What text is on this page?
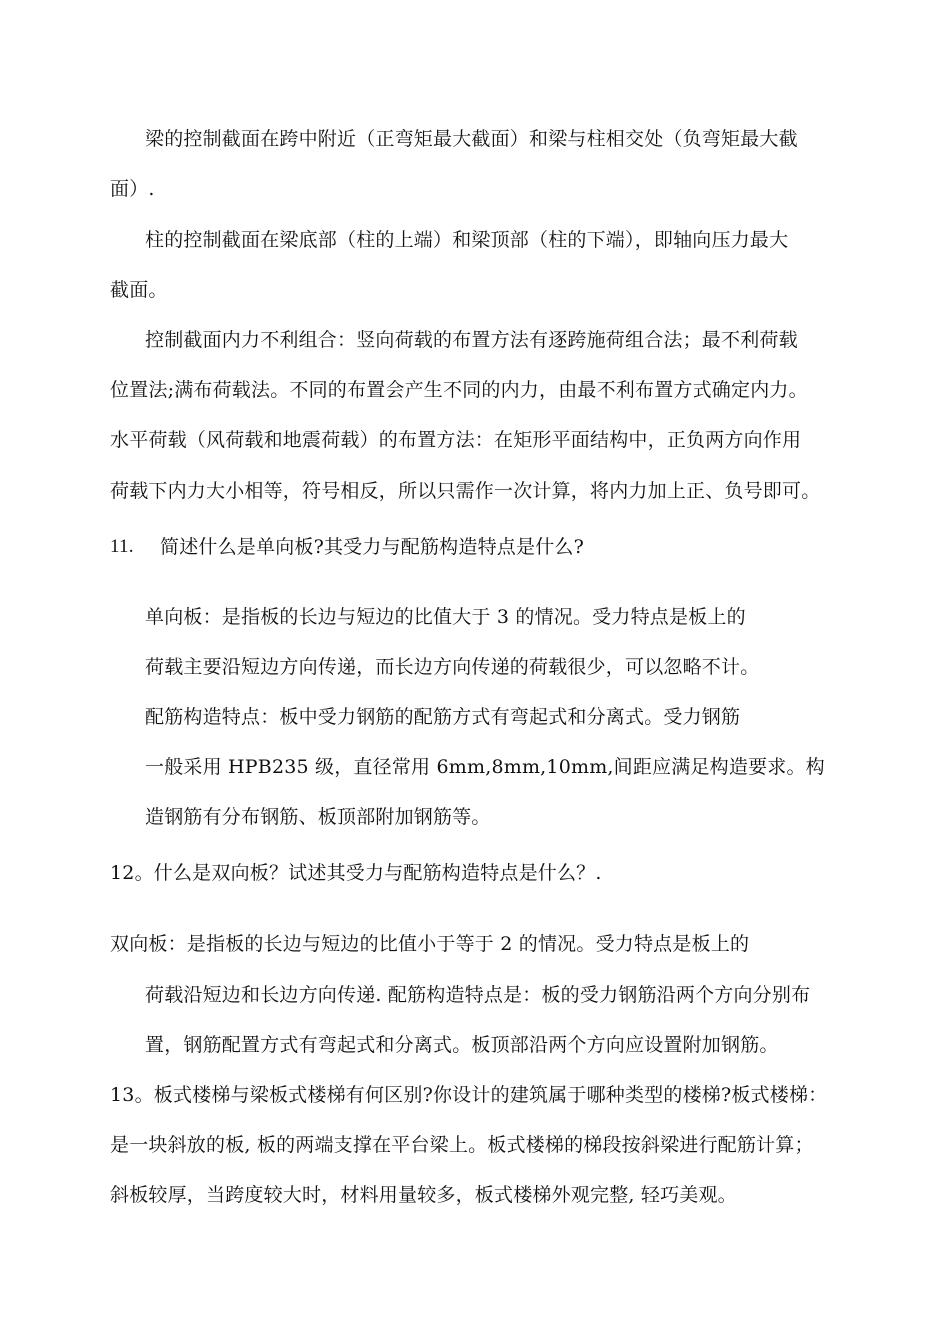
梁的控制截面在跨中附近（正弯矩最大截面）和梁与柱相交处（负弯矩最大截
面）.
柱的控制截面在梁底部（柱的上端）和梁顶部（柱的下端），即轴向压力最大
截面。
控制截面内力不利组合：竖向荷载的布置方法有逐跨施荷组合法；最不利荷载
位置法;满布荷载法。不同的布置会产生不同的内力，由最不利布置方式确定内力。
水平荷载（风荷载和地震荷载）的布置方法：在矩形平面结构中，正负两方向作用
荷载下内力大小相等，符号相反，所以只需作一次计算，将内力加上正、负号即可。
11. 简述什么是单向板?其受力与配筋构造特点是什么?
单向板：是指板的长边与短边的比值大于 3 的情况。受力特点是板上的
荷载主要沿短边方向传递，而长边方向传递的荷载很少，可以忽略不计。
配筋构造特点：板中受力钢筋的配筋方式有弯起式和分离式。受力钢筋
一般采用 HPB235 级，直径常用 6mm,8mm,10mm,间距应满足构造要求。构
造钢筋有分布钢筋、板顶部附加钢筋等。
12。什么是双向板？试述其受力与配筋构造特点是什么？.
双向板：是指板的长边与短边的比值小于等于 2 的情况。受力特点是板上的
荷载沿短边和长边方向传递. 配筋构造特点是：板的受力钢筋沿两个方向分别布
置，钢筋配置方式有弯起式和分离式。板顶部沿两个方向应设置附加钢筋。
13。板式楼梯与梁板式楼梯有何区别?你设计的建筑属于哪种类型的楼梯?板式楼梯：
是一块斜放的板, 板的两端支撑在平台梁上。板式楼梯的梯段按斜梁进行配筋计算；
斜板较厚，当跨度较大时，材料用量较多，板式楼梯外观完整, 轻巧美观。
